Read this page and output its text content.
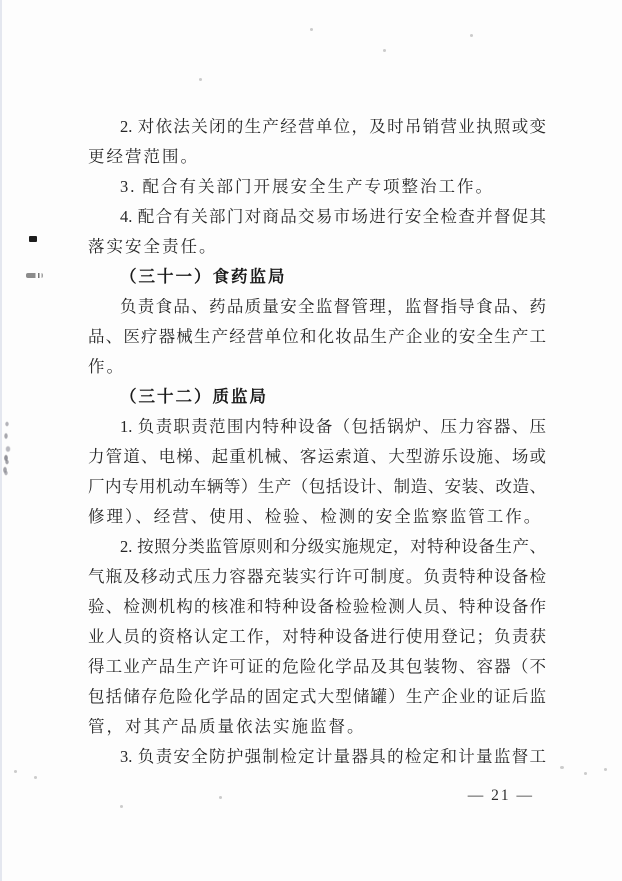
2. 对依法关闭的生产经营单位，及时吊销营业执照或变
更经营范围。
3. 配合有关部门开展安全生产专项整治工作。
4. 配合有关部门对商品交易市场进行安全检查并督促其
落实安全责任。
（三十一）食药监局
负责食品、药品质量安全监督管理，监督指导食品、药
品、医疗器械生产经营单位和化妆品生产企业的安全生产工
作。
（三十二）质监局
1. 负责职责范围内特种设备（包括锅炉、压力容器、压
力管道、电梯、起重机械、客运索道、大型游乐设施、场或
厂内专用机动车辆等）生产（包括设计、制造、安装、改造、
修理）、经营、使用、检验、检测的安全监察监管工作。
2. 按照分类监管原则和分级实施规定，对特种设备生产、
气瓶及移动式压力容器充装实行许可制度。负责特种设备检
验、检测机构的核准和特种设备检验检测人员、特种设备作
业人员的资格认定工作，对特种设备进行使用登记；负责获
得工业产品生产许可证的危险化学品及其包装物、容器（不
包括储存危险化学品的固定式大型储罐）生产企业的证后监
管，对其产品质量依法实施监督。
3. 负责安全防护强制检定计量器具的检定和计量监督工
— 21 —
